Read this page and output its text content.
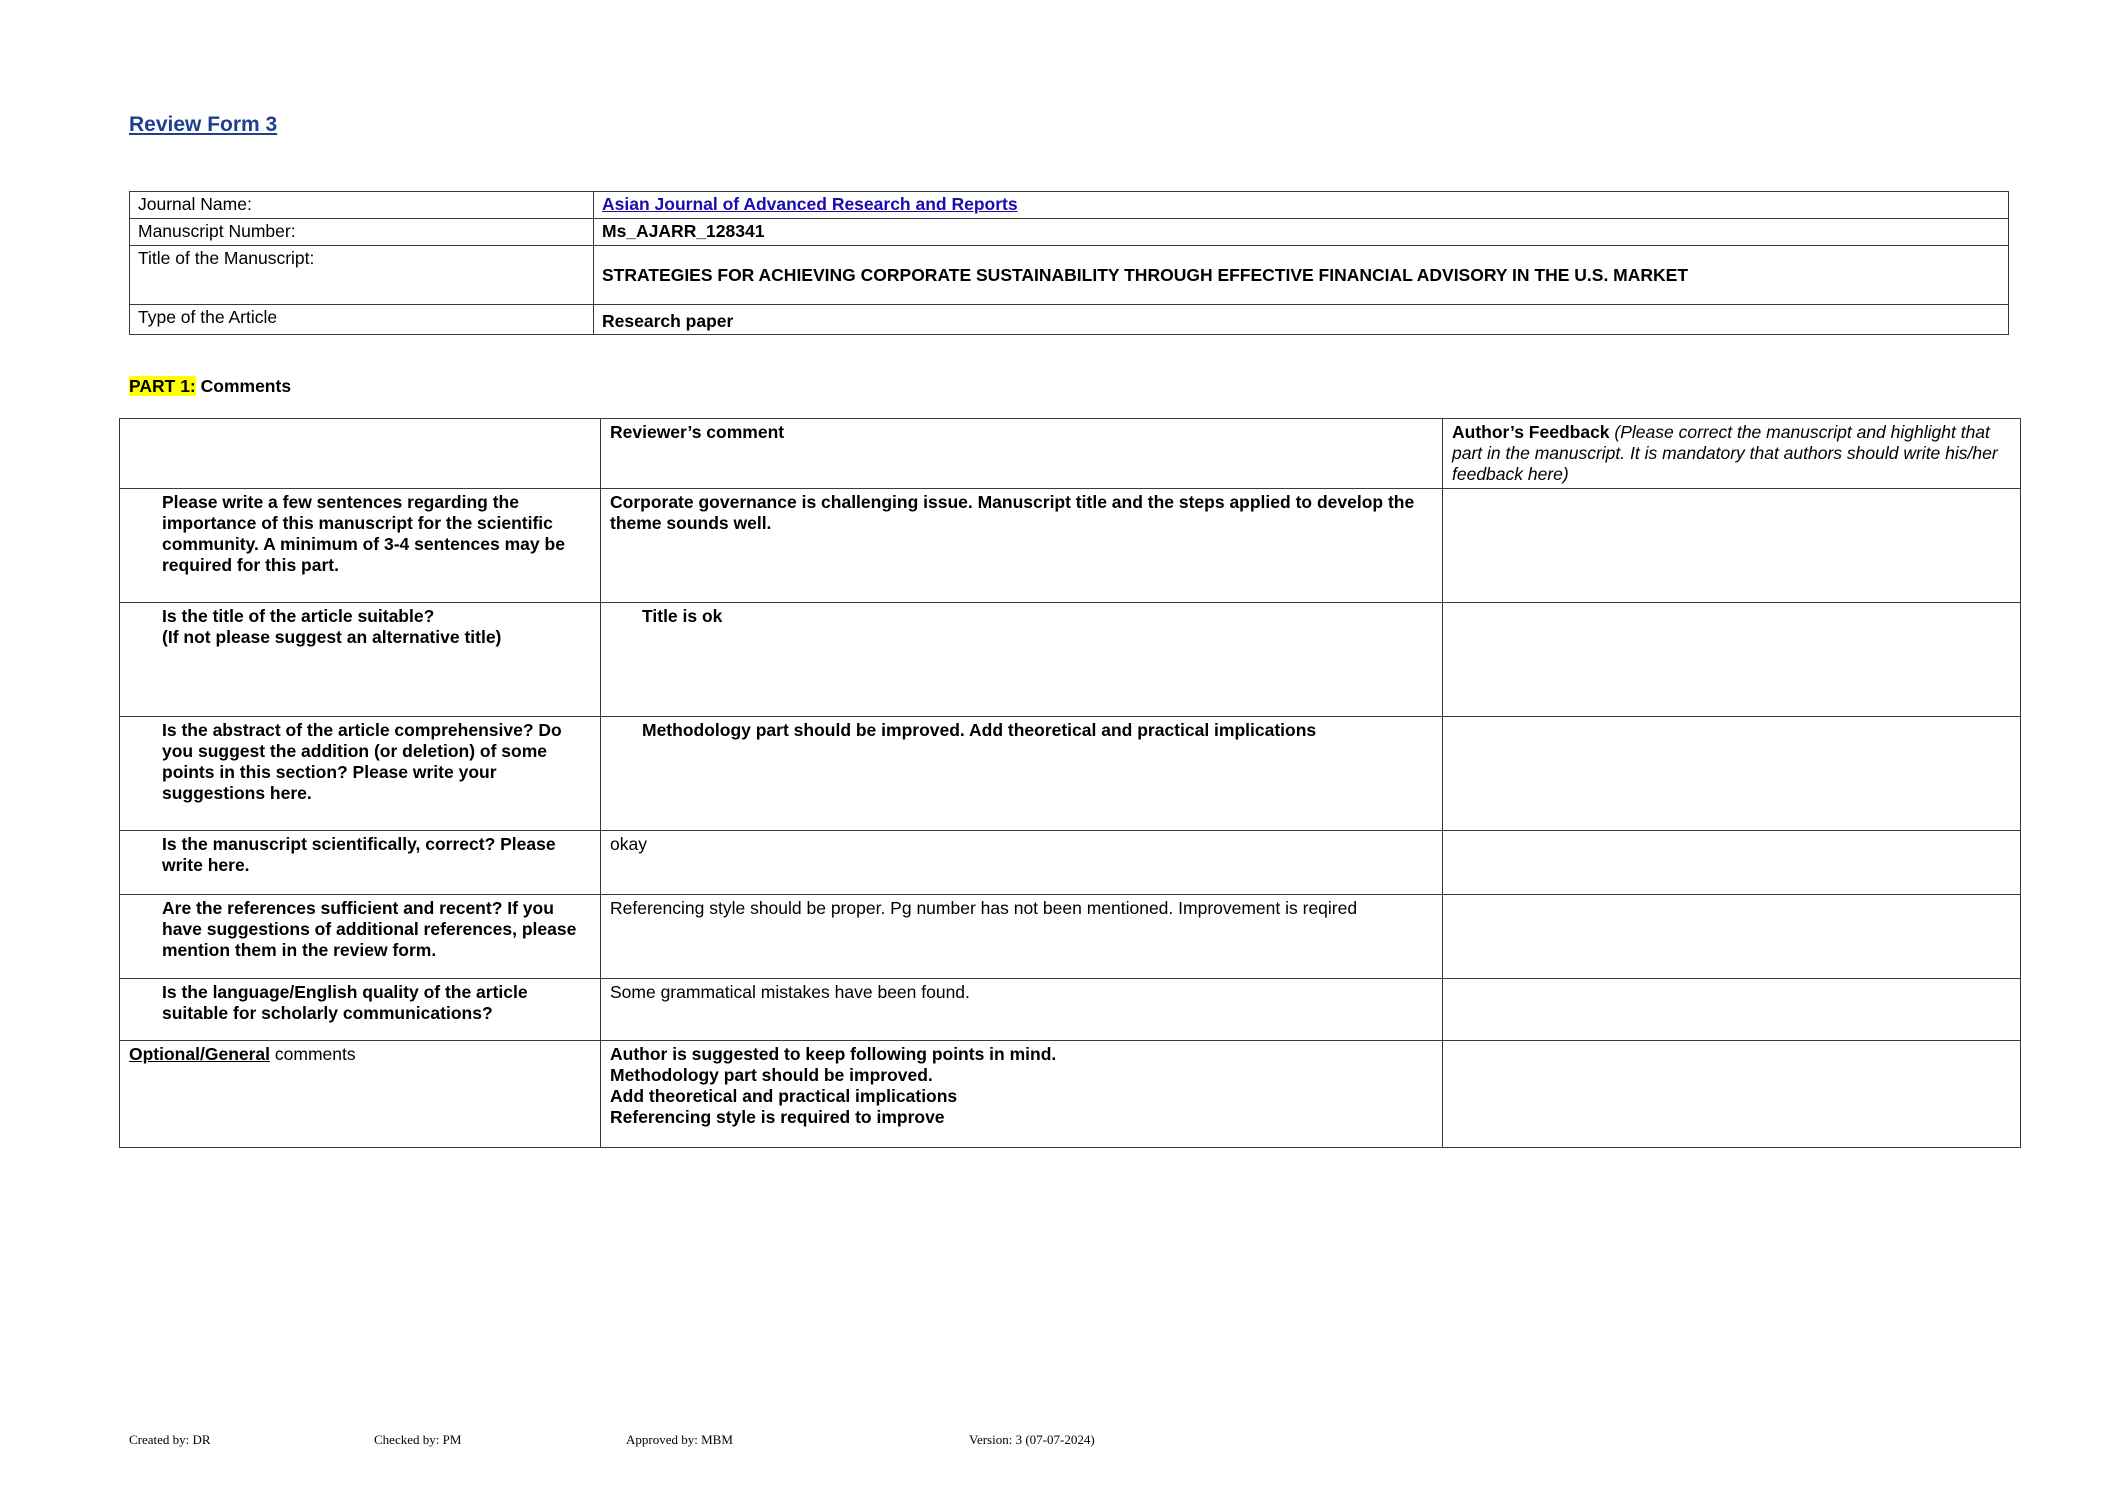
Review Form 3
Journal Name:	Asian Journal of Advanced Research and Reports
Manuscript Number:	Ms_AJARR_128341
Title of the Manuscript:	STRATEGIES FOR ACHIEVING CORPORATE SUSTAINABILITY THROUGH EFFECTIVE FINANCIAL ADVISORY IN THE U.S. MARKET
Type of the Article	Research paper
PART 1: Comments
	Reviewer’s comment	Author’s Feedback (Please correct the manuscript and highlight that part in the manuscript. It is mandatory that authors should write his/her feedback here)
Please write a few sentences regarding the importance of this manuscript for the scientific community. A minimum of 3-4 sentences may be required for this part.	Corporate governance is challenging issue. Manuscript title and the steps applied to develop the theme sounds well.	

Is the title of the article suitable?
(If not please suggest an alternative title)	Title is ok	
Is the abstract of the article comprehensive? Do you suggest the addition (or deletion) of some points in this section? Please write your suggestions here.	Methodology part should be improved. Add theoretical and practical implications	
Is the manuscript scientifically, correct? Please write here.	okay	
Are the references sufficient and recent? If you have suggestions of additional references, please mention them in the review form.	Referencing style should be proper. Pg number has not been mentioned. Improvement is reqired	
Is the language/English quality of the article suitable for scholarly communications?	Some grammatical mistakes have been found.	
Optional/General comments	Author is suggested to keep following points in mind.
Methodology part should be improved.
Add theoretical and practical implications
Referencing style is required to improve	

Created by: DR	Checked by: PM	Approved by: MBM	Version: 3 (07-07-2024)
